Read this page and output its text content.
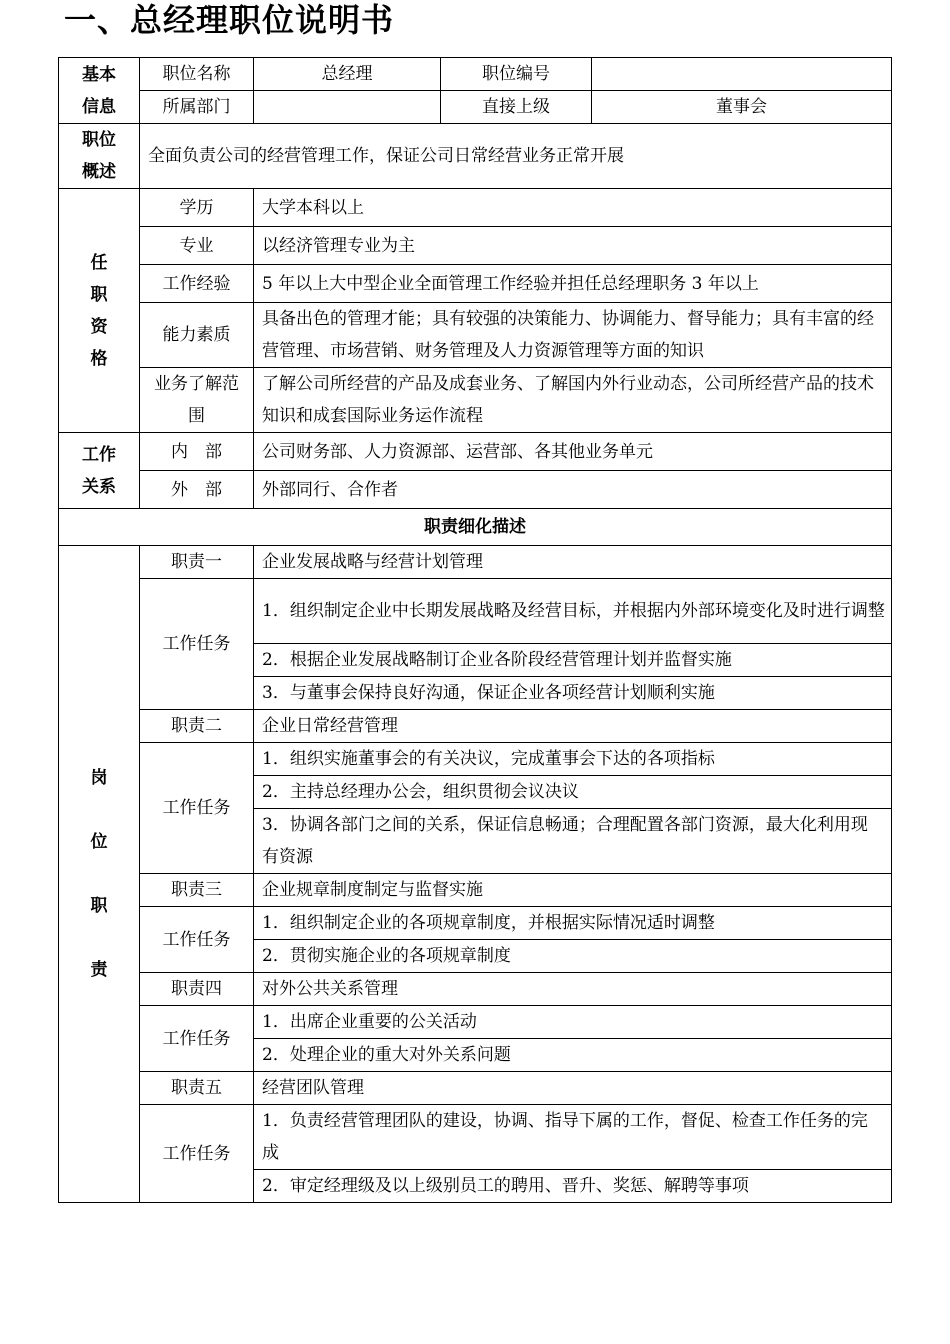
一、总经理职位说明书
基本
信息	职位名称	总经理	职位编号	
	所属部门		直接上级	董事会
职位
概述	全面负责公司的经营管理工作，保证公司日常经营业务正常开展			

任
职
资
格	学历	大学本科以上		
	专业	以经济管理专业为主		
	工作经验	5 年以上大中型企业全面管理工作经验并担任总经理职务 3 年以上		
	能力素质	具备出色的管理才能；具有较强的决策能力、协调能力、督导能力；具有丰富的经营管理、市场营销、财务管理及人力资源管理等方面的知识		
	业务了解范围	了解公司所经营的产品及成套业务、了解国内外行业动态，公司所经营产品的技术知识和成套国际业务运作流程		
工作
关系	内　部	公司财务部、人力资源部、运营部、各其他业务单元		
	外　部	外部同行、合作者		
职责细化描述				

岗
位
职
责	职责一	企业发展战略与经营计划管理		
	工作任务	1．组织制定企业中长期发展战略及经营目标，并根据内外部环境变化及时进行调整		

		2．根据企业发展战略制订企业各阶段经营管理计划并监督实施		
		3．与董事会保持良好沟通，保证企业各项经营计划顺利实施		
	职责二	企业日常经营管理		
	工作任务	1．组织实施董事会的有关决议，完成董事会下达的各项指标		
		2．主持总经理办公会，组织贯彻会议决议		
		3．协调各部门之间的关系，保证信息畅通；合理配置各部门资源，最大化利用现有资源		
	职责三	企业规章制度制定与监督实施		
	工作任务	1．组织制定企业的各项规章制度，并根据实际情况适时调整		
		2．贯彻实施企业的各项规章制度		
	职责四	对外公共关系管理		
	工作任务	1．出席企业重要的公关活动		
		2．处理企业的重大对外关系问题		
	职责五	经营团队管理		
	工作任务	1．负责经营管理团队的建设，协调、指导下属的工作，督促、检查工作任务的完成		
		2．审定经理级及以上级别员工的聘用、晋升、奖惩、解聘等事项		
